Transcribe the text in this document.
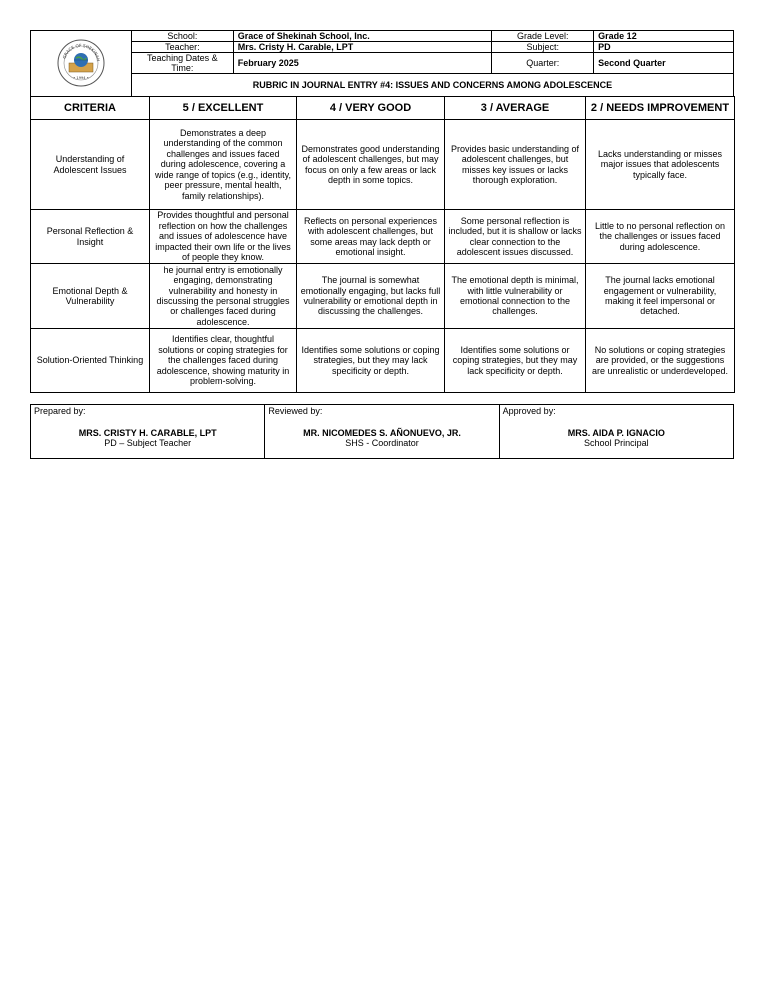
GRACE OF SHEKINAH
• 1994 •	School:	Grace of Shekinah School, Inc.	Grade Level:	Grade 12
	Teacher:	Mrs. Cristy H. Carable, LPT	Subject:	PD
	Teaching Dates & Time:	February 2025	Quarter:	Second Quarter
	RUBRIC IN JOURNAL ENTRY #4: ISSUES AND CONCERNS AMONG ADOLESCENCE			
CRITERIA	5 / EXCELLENT	4 / VERY GOOD	3 / AVERAGE	2 / NEEDS IMPROVEMENT
Understanding of Adolescent Issues	Demonstrates a deep understanding of the common challenges and issues faced during adolescence, covering a wide range of topics (e.g., identity, peer pressure, mental health, family relationships).	Demonstrates good understanding of adolescent challenges, but may focus on only a few areas or lack depth in some topics.	Provides basic understanding of adolescent challenges, but misses key issues or lacks thorough exploration.	Lacks understanding or misses major issues that adolescents typically face.
Personal Reflection & Insight	Provides thoughtful and personal reflection on how the challenges and issues of adolescence have impacted their own life or the lives of people they know.	Reflects on personal experiences with adolescent challenges, but some areas may lack depth or emotional insight.	Some personal reflection is included, but it is shallow or lacks clear connection to the adolescent issues discussed.	Little to no personal reflection on the challenges or issues faced during adolescence.
Emotional Depth & Vulnerability	he journal entry is emotionally engaging, demonstrating vulnerability and honesty in discussing the personal struggles or challenges faced during adolescence.	The journal is somewhat emotionally engaging, but lacks full vulnerability or emotional depth in discussing the challenges.	The emotional depth is minimal, with little vulnerability or emotional connection to the challenges.	The journal lacks emotional engagement or vulnerability, making it feel impersonal or detached.
Solution-Oriented Thinking	Identifies clear, thoughtful solutions or coping strategies for the challenges faced during adolescence, showing maturity in problem-solving.	Identifies some solutions or coping strategies, but they may lack specificity or depth.	Identifies some solutions or coping strategies, but they may lack specificity or depth.	No solutions or coping strategies are provided, or the suggestions are unrealistic or underdeveloped.
Prepared by:
MRS. CRISTY H. CARABLE, LPT
PD – Subject Teacher

Reviewed by:
MR. NICOMEDES S. AÑONUEVO, JR.
SHS - Coordinator

Approved by:
MRS. AIDA P. IGNACIO
School Principal
